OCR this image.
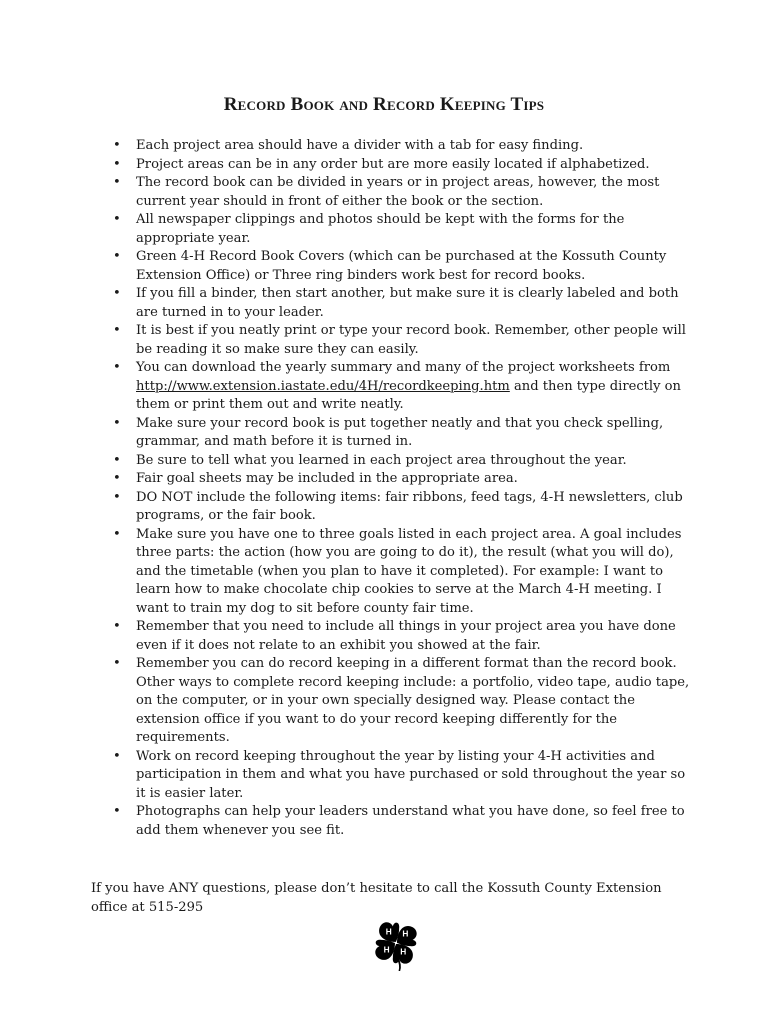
Record Book and Record Keeping Tips
• Each project area should have a divider with a tab for easy finding.
• Project areas can be in any order but are more easily located if alphabetized.
• The record book can be divided in years or in project areas, however, the most current year should in front of either the book or the section.
• All newspaper clippings and photos should be kept with the forms for the appropriate year.
• Green 4-H Record Book Covers (which can be purchased at the Kossuth County Extension Office) or Three ring binders work best for record books.
• If you fill a binder, then start another, but make sure it is clearly labeled and both are turned in to your leader.
• It is best if you neatly print or type your record book. Remember, other people will be reading it so make sure they can easily.
• You can download the yearly summary and many of the project worksheets from http://www.extension.iastate.edu/4H/recordkeeping.htm and then type directly on them or print them out and write neatly.
• Make sure your record book is put together neatly and that you check spelling, grammar, and math before it is turned in.
• Be sure to tell what you learned in each project area throughout the year.
• Fair goal sheets may be included in the appropriate area.
• DO NOT include the following items: fair ribbons, feed tags, 4-H newsletters, club programs, or the fair book.
• Make sure you have one to three goals listed in each project area. A goal includes three parts: the action (how you are going to do it), the result (what you will do), and the timetable (when you plan to have it completed). For example: I want to learn how to make chocolate chip cookies to serve at the March 4-H meeting. I want to train my dog to sit before county fair time.
• Remember that you need to include all things in your project area you have done even if it does not relate to an exhibit you showed at the fair.
• Remember you can do record keeping in a different format than the record book. Other ways to complete record keeping include: a portfolio, video tape, audio tape, on the computer, or in your own specially designed way. Please contact the extension office if you want to do your record keeping differently for the requirements.
• Work on record keeping throughout the year by listing your 4-H activities and participation in them and what you have purchased or sold throughout the year so it is easier later.
• Photographs can help your leaders understand what you have done, so feel free to add them whenever you see fit.

If you have ANY questions, please don’t hesitate to call the Kossuth County Extension office at 515-295

H H
H
H
